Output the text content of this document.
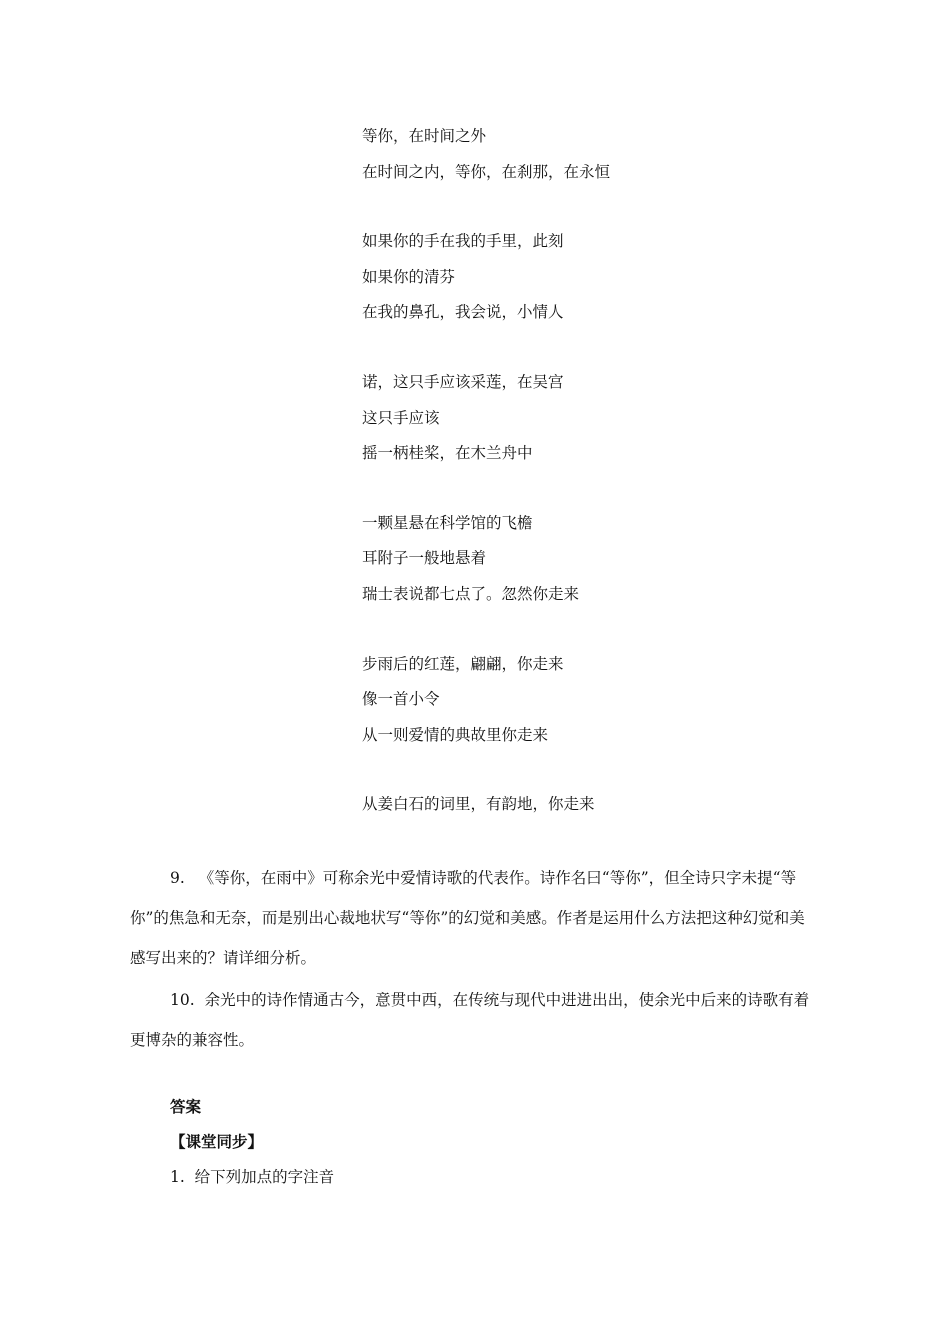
等你，在时间之外
在时间之内，等你，在刹那，在永恒
如果你的手在我的手里，此刻
如果你的清芬
在我的鼻孔，我会说，小情人
诺，这只手应该采莲，在吴宫
这只手应该
摇一柄桂桨，在木兰舟中
一颗星悬在科学馆的飞檐
耳附子一般地悬着
瑞士表说都七点了。忽然你走来
步雨后的红莲，翩翩，你走来
像一首小令
从一则爱情的典故里你走来
从姜白石的词里，有韵地，你走来

9. 《等你，在雨中》可称余光中爱情诗歌的代表作。诗作名曰“等你”，但全诗只字未提“等你”的焦急和无奈，而是别出心裁地状写“等你”的幻觉和美感。作者是运用什么方法把这种幻觉和美感写出来的？请详细分析。

10. 余光中的诗作情通古今，意贯中西，在传统与现代中进进出出，使余光中后来的诗歌有着更博杂的兼容性。

答案
【课堂同步】
1.  给下列加点的字注音
